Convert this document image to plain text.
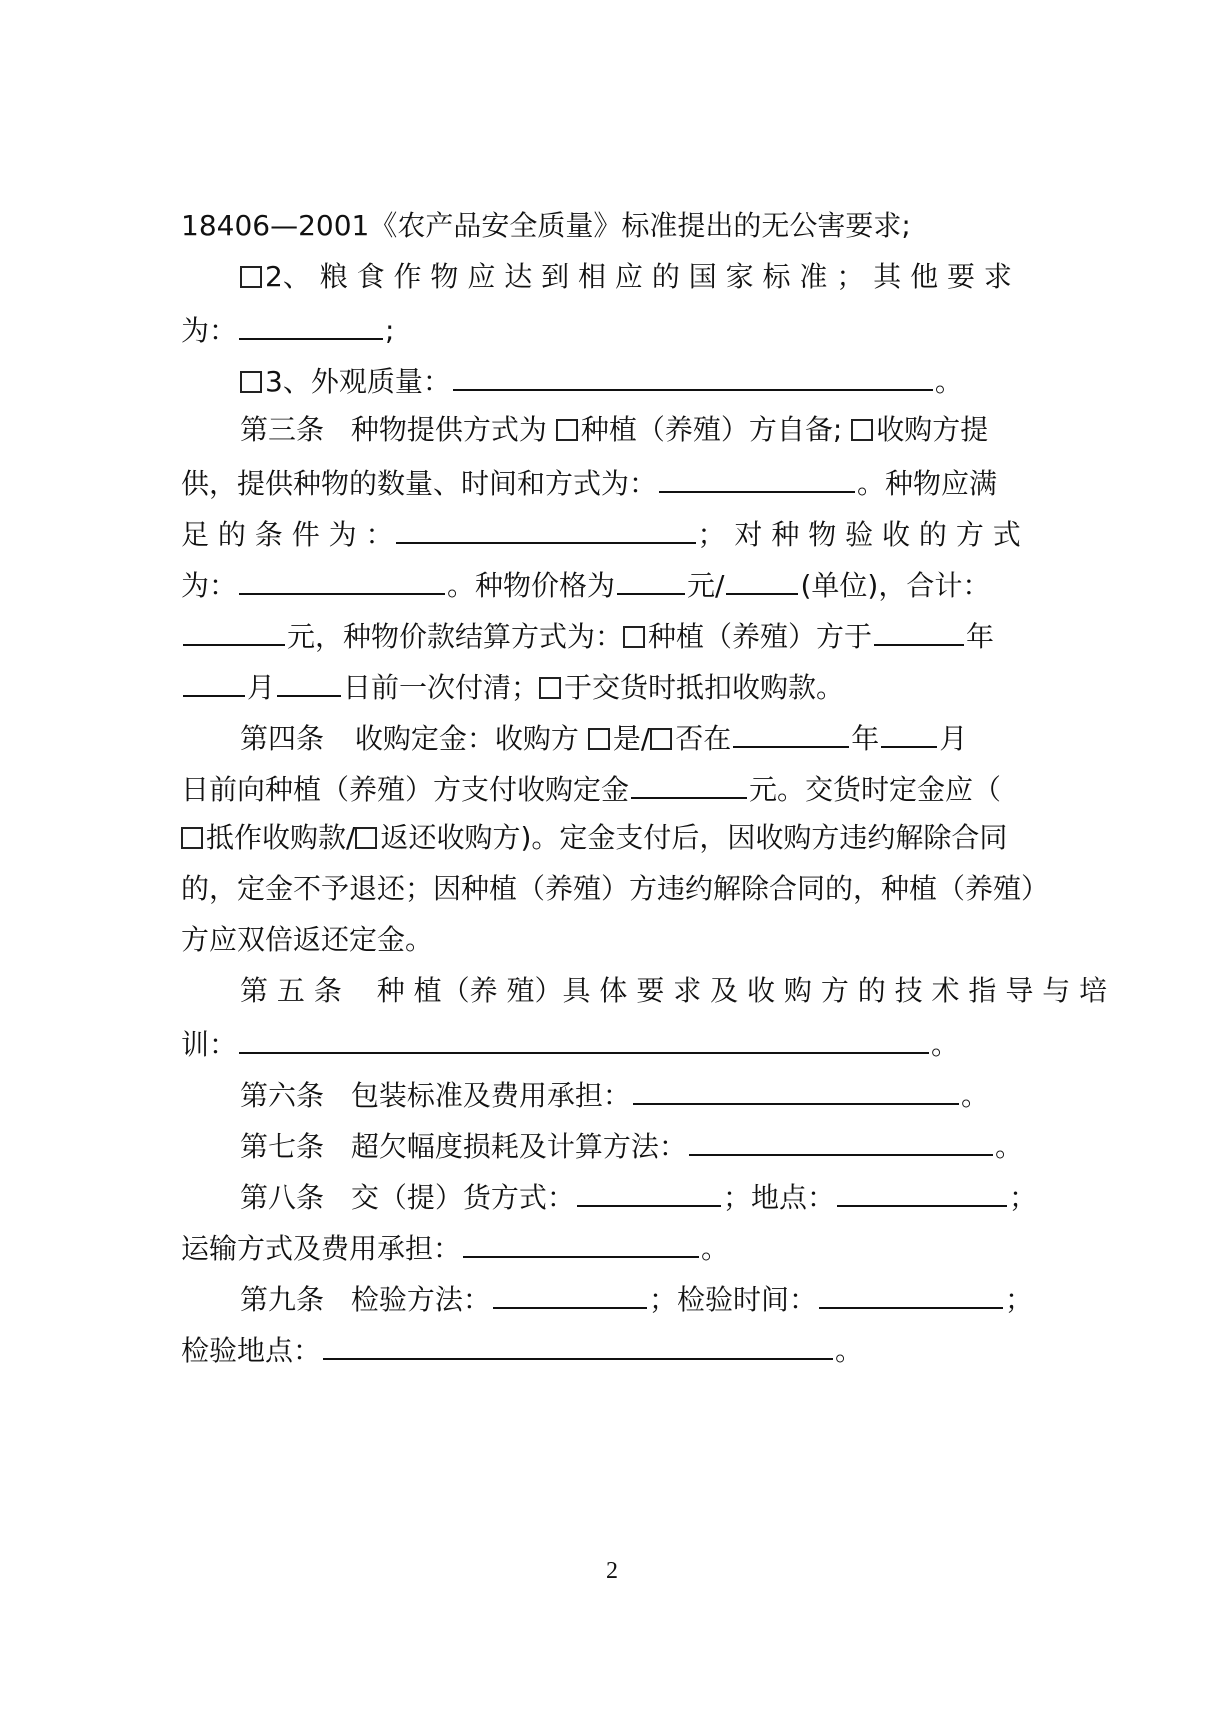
18406—2001《农产品安全质量》标准提出的无公害要求;
2、 粮 食 作 物 应 达 到 相 应 的 国 家 标 准 ； 其 他 要 求
为：	;
3、外观质量：	。
第三条 种物提供方式为 种植（养殖）方自备; 收购方提
供，提供种物的数量、时间和方式为：	。种物应满
足 的 条 件 为 ：	； 对 种 物 验 收 的 方 式
为：	。种物价格为	元/	(单位)，合计：
元，种物价款结算方式为： 种植（养殖）方于	年
月 日前一次付清； 于交货时抵扣收购款。
第四条 收购定金：收购方 是/ 否在	年 月
日前向种植（养殖）方支付收购定金	元。交货时定金应（
抵作收购款/ 返还收购方)。定金支付后，因收购方违约解除合同
的，定金不予退还；因种植（养殖）方违约解除合同的，种植（养殖）
方应双倍返还定金。
第 五 条 种 植（养 殖）具 体 要 求 及 收 购 方 的 技 术 指 导 与 培
训：	。
第六条 包装标准及费用承担：	。
第七条 超欠幅度损耗及计算方法：	。
第八条 交（提）货方式：	；地点：	；
运输方式及费用承担：	。
第九条 检验方法：	；检验时间：	；
检验地点：	。
2
